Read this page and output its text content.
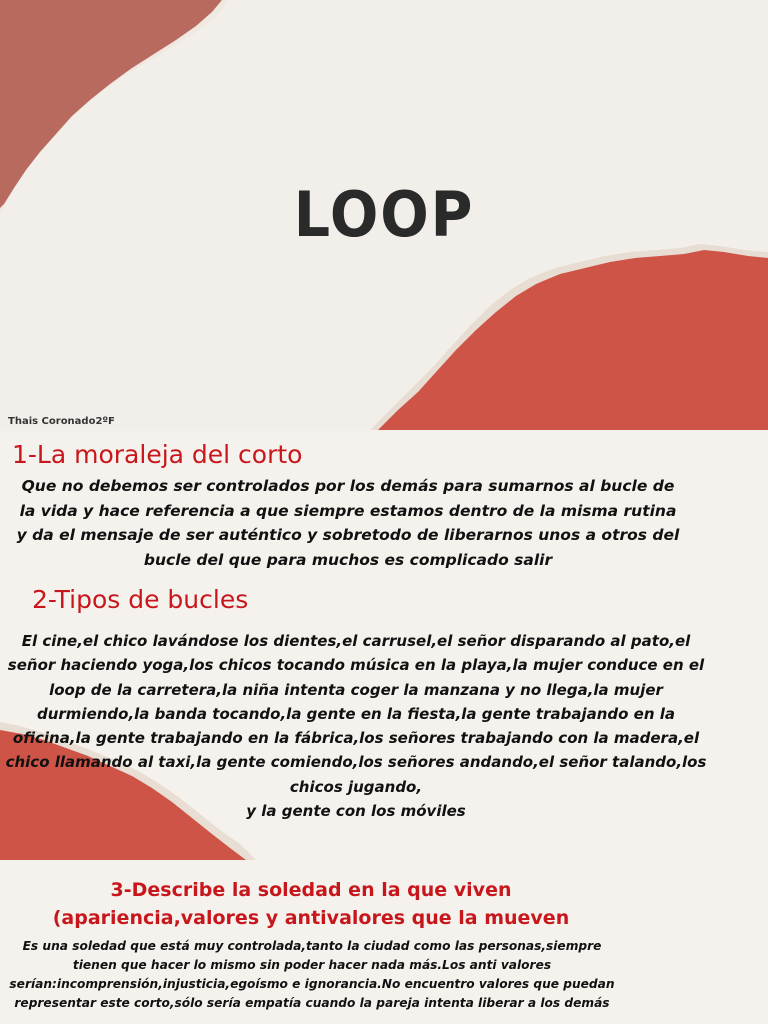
LOOP
Thais Coronado2ºF
1-La moraleja del corto
Que no debemos ser controlados por los demás para sumarnos al bucle de la vida y hace referencia a que siempre estamos dentro de la misma rutina y da el mensaje de ser auténtico y sobretodo de liberarnos unos a otros del bucle del que para muchos es complicado salir
2-Tipos de bucles
El cine,el chico lavándose los dientes,el carrusel,el señor disparando al pato,el señor haciendo yoga,los chicos tocando música en la playa,la mujer conduce en el loop de la carretera,la niña intenta coger la manzana y no llega,la mujer durmiendo,la banda tocando,la gente en la fiesta,la gente trabajando en la oficina,la gente trabajando en la fábrica,los señores trabajando con la madera,el chico llamando al taxi,la gente comiendo,los señores andando,el señor talando,los chicos jugando,
y la gente con los móviles
3-Describe la soledad en la que viven (apariencia,valores y antivalores que la mueven
Es una soledad que está muy controlada,tanto la ciudad como las personas,siempre tienen que hacer lo mismo sin poder hacer nada más.Los anti valores serían:incomprensión,injusticia,egoísmo e ignorancia.No encuentro valores que puedan representar este corto,sólo sería empatía cuando la pareja intenta liberar a los demás
